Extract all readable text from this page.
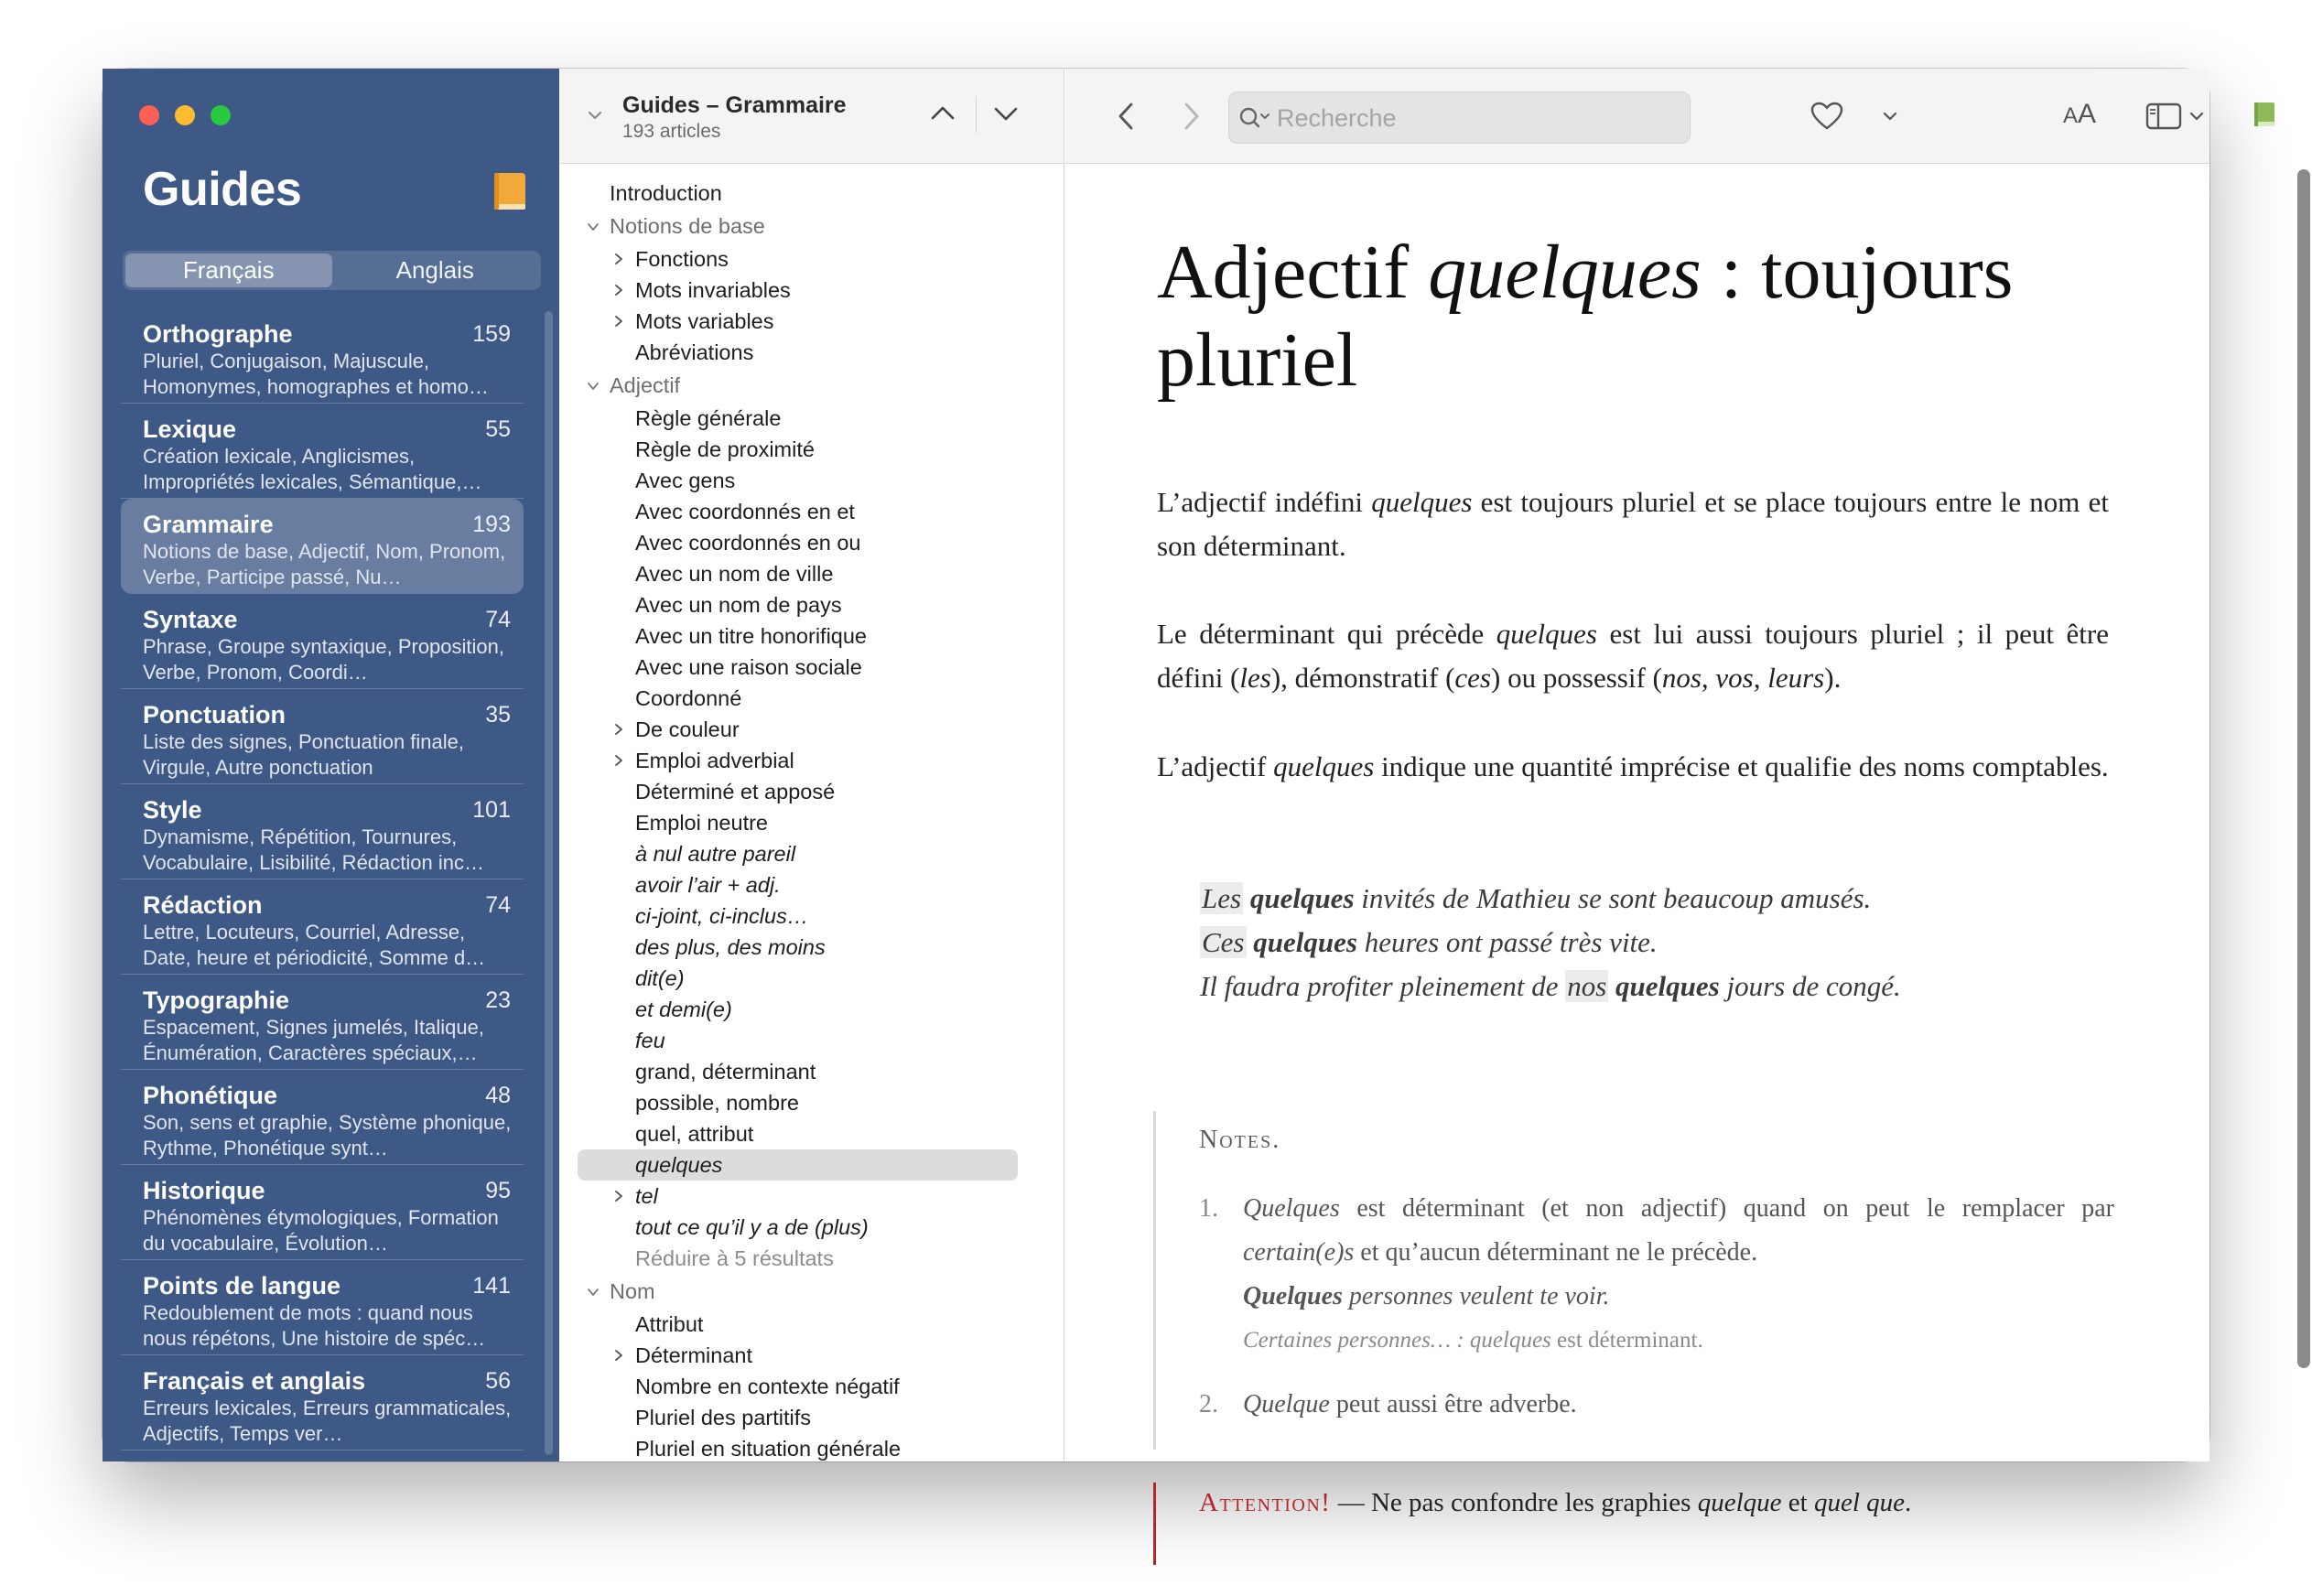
Guides
Français	Anglais
Orthographe	159
Pluriel, Conjugaison, Majuscule, Homonymes, homographes et homo…
Lexique	55
Création lexicale, Anglicismes, Impropriétés lexicales, Sémantique,…
Grammaire	193
Notions de base, Adjectif, Nom, Pronom, Verbe, Participe passé, Nu…
Syntaxe	74
Phrase, Groupe syntaxique, Proposition, Verbe, Pronom, Coordi…
Ponctuation	35
Liste des signes, Ponctuation finale, Virgule, Autre ponctuation
Style	101
Dynamisme, Répétition, Tournures, Vocabulaire, Lisibilité, Rédaction inc…
Rédaction	74
Lettre, Locuteurs, Courriel, Adresse, Date, heure et périodicité, Somme d…
Typographie	23
Espacement, Signes jumelés, Italique, Énumération, Caractères spéciaux,…
Phonétique	48
Son, sens et graphie, Système phonique, Rythme, Phonétique synt…
Historique	95
Phénomènes étymologiques, Formation du vocabulaire, Évolution…
Points de langue	141
Redoublement de mots : quand nous nous répétons, Une histoire de spéc…
Français et anglais	56
Erreurs lexicales, Erreurs grammaticales, Adjectifs, Temps ver…
Guides – Grammaire
193 articles
Introduction
Notions de base
Fonctions
Mots invariables
Mots variables
Abréviations
Adjectif
Règle générale
Règle de proximité
Avec gens
Avec coordonnés en et
Avec coordonnés en ou
Avec un nom de ville
Avec un nom de pays
Avec un titre honorifique
Avec une raison sociale
Coordonné
De couleur
Emploi adverbial
Déterminé et apposé
Emploi neutre
à nul autre pareil
avoir l’air + adj.
ci-joint, ci-inclus…
des plus, des moins
dit(e)
et demi(e)
feu
grand, déterminant
possible, nombre
quel, attribut
quelques
tel
tout ce qu’il y a de (plus)
Réduire à 5 résultats
Nom
Attribut
Déterminant
Nombre en contexte négatif
Pluriel des partitifs
Pluriel en situation générale
Recherche
AA
Adjectif quelques : toujours pluriel
L’adjectif indéfini quelques est toujours pluriel et se place toujours entre le nom et son déterminant.
Le déterminant qui précède quelques est lui aussi toujours pluriel ; il peut être défini (les), démonstratif (ces) ou possessif (nos, vos, leurs).
L’adjectif quelques indique une quantité imprécise et qualifie des noms comptables.
Les quelques invités de Mathieu se sont beaucoup amusés.
Ces quelques heures ont passé très vite.
Il faudra profiter pleinement de nos quelques jours de congé.
Notes.
1. Quelques est déterminant (et non adjectif) quand on peut le remplacer par certain(e)s et qu’aucun déterminant ne le précède.
Quelques personnes veulent te voir.
Certaines personnes… : quelques est déterminant.
2. Quelque peut aussi être adverbe.
Attention! — Ne pas confondre les graphies quelque et quel que.
